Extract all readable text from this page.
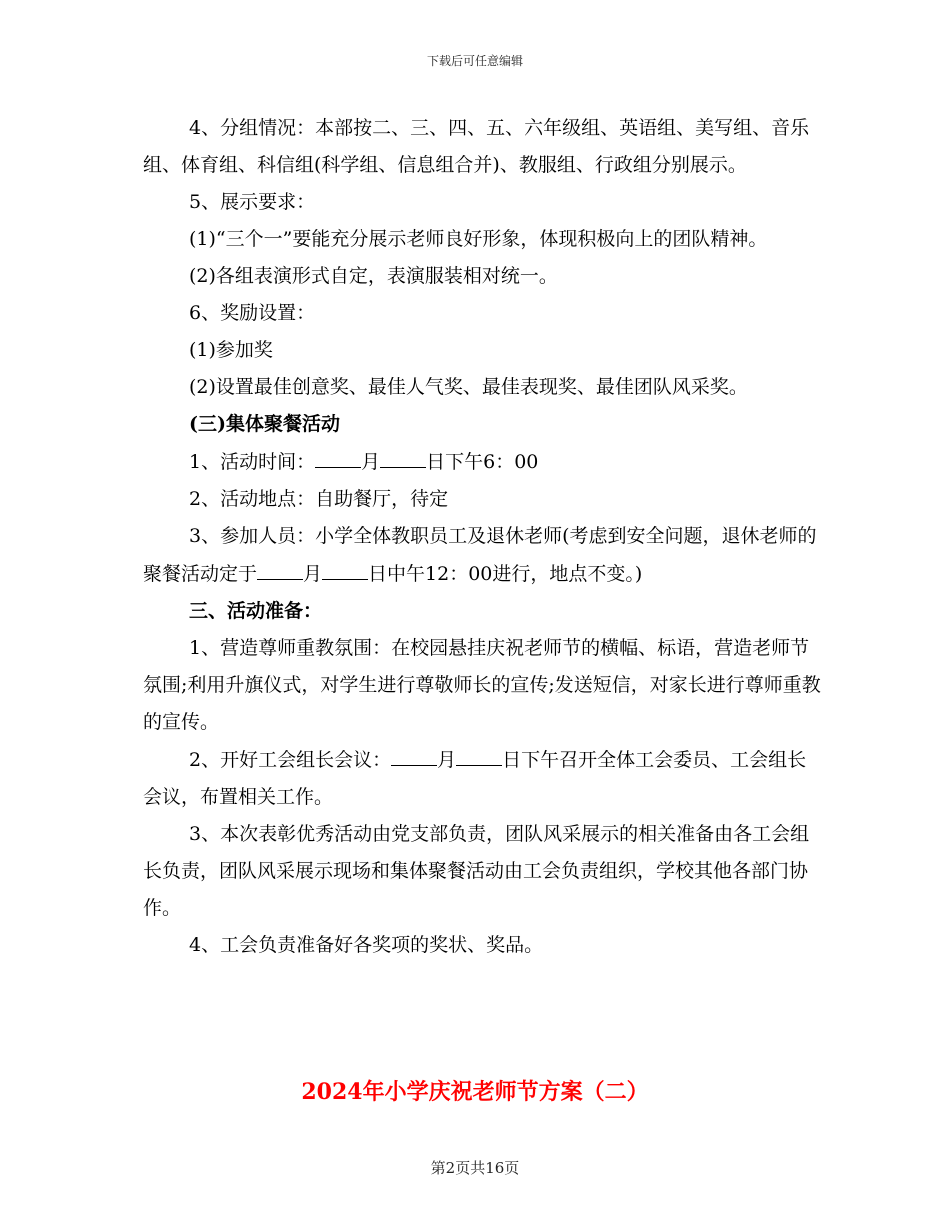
下载后可任意编辑

4、分组情况：本部按二、三、四、五、六年级组、英语组、美写组、音乐组、体育组、科信组(科学组、信息组合并)、教服组、行政组分别展示。

5、展示要求：

(1)“三个一”要能充分展示老师良好形象，体现积极向上的团队精神。

(2)各组表演形式自定，表演服装相对统一。

6、奖励设置：

(1)参加奖

(2)设置最佳创意奖、最佳人气奖、最佳表现奖、最佳团队风采奖。

(三)集体聚餐活动

1、活动时间： 月 日下午6：00

2、活动地点：自助餐厅，待定

3、参加人员：小学全体教职员工及退休老师(考虑到安全问题，退休老师的聚餐活动定于 月 日中午12：00进行，地点不变。)

三、活动准备：

1、营造尊师重教氛围：在校园悬挂庆祝老师节的横幅、标语，营造老师节氛围;利用升旗仪式，对学生进行尊敬师长的宣传;发送短信，对家长进行尊师重教的宣传。

2、开好工会组长会议： 月 日下午召开全体工会委员、工会组长会议，布置相关工作。

3、本次表彰优秀活动由党支部负责，团队风采展示的相关准备由各工会组长负责，团队风采展示现场和集体聚餐活动由工会负责组织，学校其他各部门协作。

4、工会负责准备好各奖项的奖状、奖品。

2024年小学庆祝老师节方案（二）
第2页共16页
